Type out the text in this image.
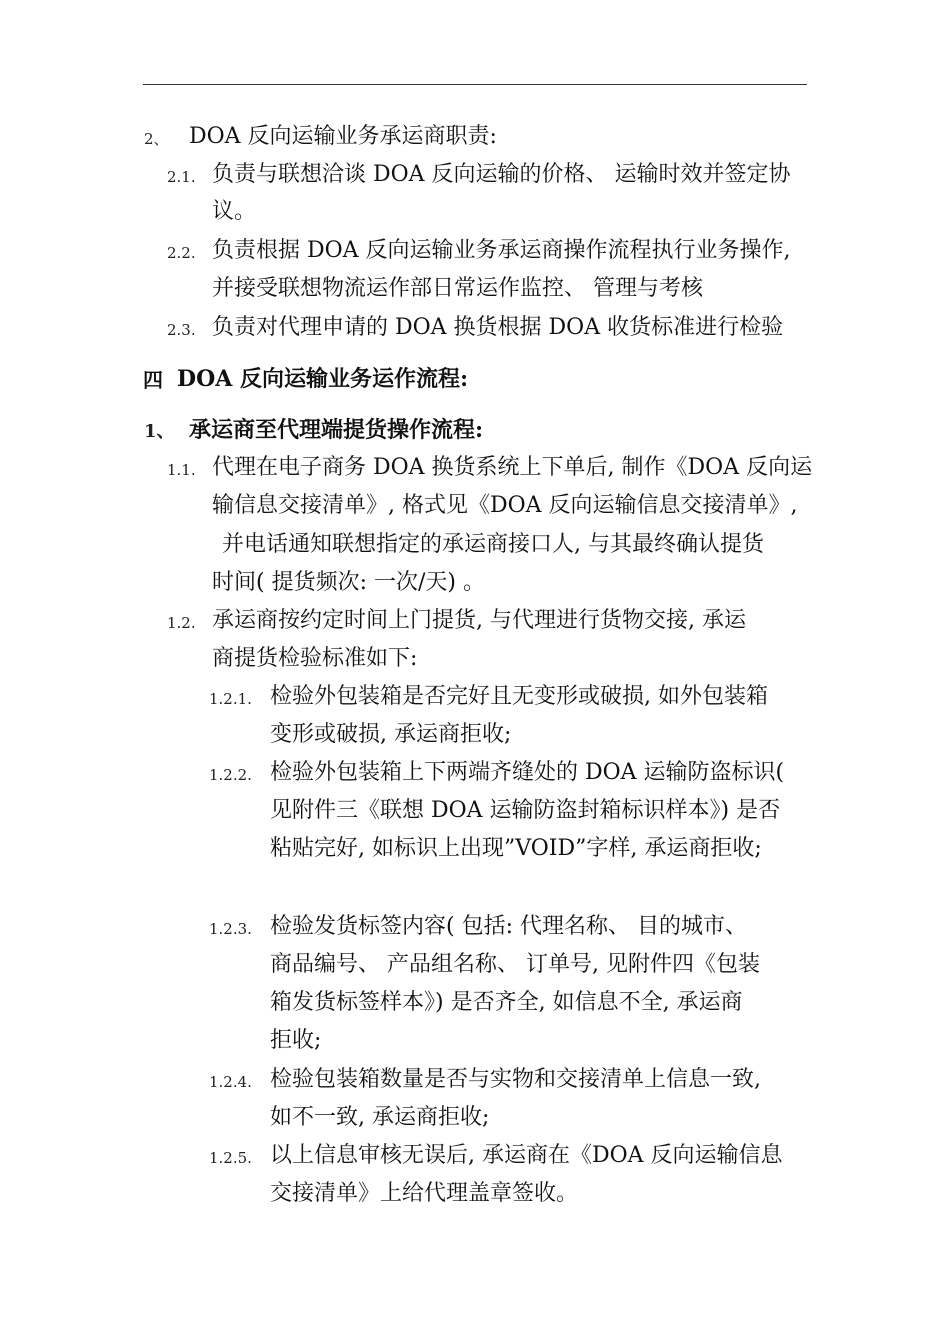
2、 DOA 反向运输业务承运商职责:
2.1. 负责与联想洽谈 DOA 反向运输的价格、 运输时效并签定协
议。
2.2. 负责根据 DOA 反向运输业务承运商操作流程执行业务操作,
并接受联想物流运作部日常运作监控、 管理与考核
2.3. 负责对代理申请的 DOA 换货根据 DOA 收货标准进行检验
四 DOA 反向运输业务运作流程:
1、 承运商至代理端提货操作流程:
1.1. 代理在电子商务 DOA 换货系统上下单后, 制作《DOA 反向运
输信息交接清单》, 格式见《DOA 反向运输信息交接清单》,
并电话通知联想指定的承运商接口人, 与其最终确认提货
时间( 提货频次: 一次/天) 。
1.2. 承运商按约定时间上门提货, 与代理进行货物交接, 承运
商提货检验标准如下:
1.2.1. 检验外包装箱是否完好且无变形或破损, 如外包装箱
变形或破损, 承运商拒收;
1.2.2. 检验外包装箱上下两端齐缝处的 DOA 运输防盗标识(
见附件三《联想 DOA 运输防盗封箱标识样本》) 是否
粘贴完好, 如标识上出现”VOID”字样, 承运商拒收;
1.2.3. 检验发货标签内容( 包括: 代理名称、 目的城市、
商品编号、 产品组名称、 订单号, 见附件四《包装
箱发货标签样本》) 是否齐全, 如信息不全, 承运商
拒收;
1.2.4. 检验包装箱数量是否与实物和交接清单上信息一致,
如不一致, 承运商拒收;
1.2.5. 以上信息审核无误后, 承运商在《DOA 反向运输信息
交接清单》上给代理盖章签收。
